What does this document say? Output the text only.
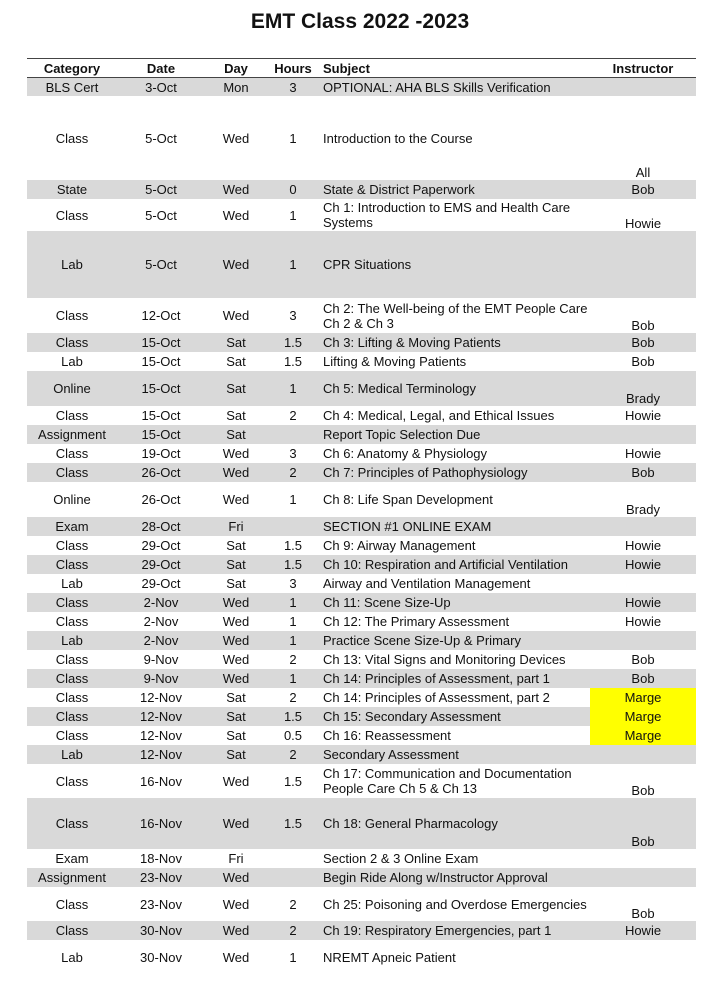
EMT Class 2022 -2023
Category	Date	Day	Hours	Subject	Instructor
BLS Cert	3-Oct	Mon	3	OPTIONAL: AHA BLS Skills Verification	
Class	5-Oct	Wed	1	Introduction to the Course	All
State	5-Oct	Wed	0	State & District Paperwork	Bob
Class	5-Oct	Wed	1	Ch 1: Introduction to EMS and Health Care Systems	Howie
Lab	5-Oct	Wed	1	CPR Situations	
Class	12-Oct	Wed	3	Ch 2: The Well-being of the EMT People Care Ch 2 & Ch 3	Bob
Class	15-Oct	Sat	1.5	Ch 3: Lifting & Moving Patients	Bob
Lab	15-Oct	Sat	1.5	Lifting & Moving Patients	Bob
Online	15-Oct	Sat	1	Ch 5: Medical Terminology	Brady
Class	15-Oct	Sat	2	Ch 4: Medical, Legal, and Ethical Issues	Howie
Assignment	15-Oct	Sat		Report Topic Selection Due	
Class	19-Oct	Wed	3	Ch 6: Anatomy & Physiology	Howie
Class	26-Oct	Wed	2	Ch 7: Principles of Pathophysiology	Bob
Online	26-Oct	Wed	1	Ch 8: Life Span Development	Brady
Exam	28-Oct	Fri		SECTION #1 ONLINE EXAM	
Class	29-Oct	Sat	1.5	Ch 9: Airway Management	Howie
Class	29-Oct	Sat	1.5	Ch 10: Respiration and Artificial Ventilation	Howie
Lab	29-Oct	Sat	3	Airway and Ventilation Management	
Class	2-Nov	Wed	1	Ch 11: Scene Size-Up	Howie
Class	2-Nov	Wed	1	Ch 12: The Primary Assessment	Howie
Lab	2-Nov	Wed	1	Practice Scene Size-Up & Primary	
Class	9-Nov	Wed	2	Ch 13: Vital Signs and Monitoring Devices	Bob
Class	9-Nov	Wed	1	Ch 14: Principles of Assessment, part 1	Bob
Class	12-Nov	Sat	2	Ch 14: Principles of Assessment, part 2	Marge
Class	12-Nov	Sat	1.5	Ch 15: Secondary Assessment	Marge
Class	12-Nov	Sat	0.5	Ch 16: Reassessment	Marge
Lab	12-Nov	Sat	2	Secondary Assessment	
Class	16-Nov	Wed	1.5	Ch 17: Communication and Documentation People Care Ch 5 & Ch 13	Bob
Class	16-Nov	Wed	1.5	Ch 18: General Pharmacology	Bob
Exam	18-Nov	Fri		Section 2 & 3 Online Exam	
Assignment	23-Nov	Wed		Begin Ride Along w/Instructor Approval	
Class	23-Nov	Wed	2	Ch 25: Poisoning and Overdose Emergencies	Bob
Class	30-Nov	Wed	2	Ch 19: Respiratory Emergencies, part 1	Howie
Lab	30-Nov	Wed	1	NREMT Apneic Patient	
